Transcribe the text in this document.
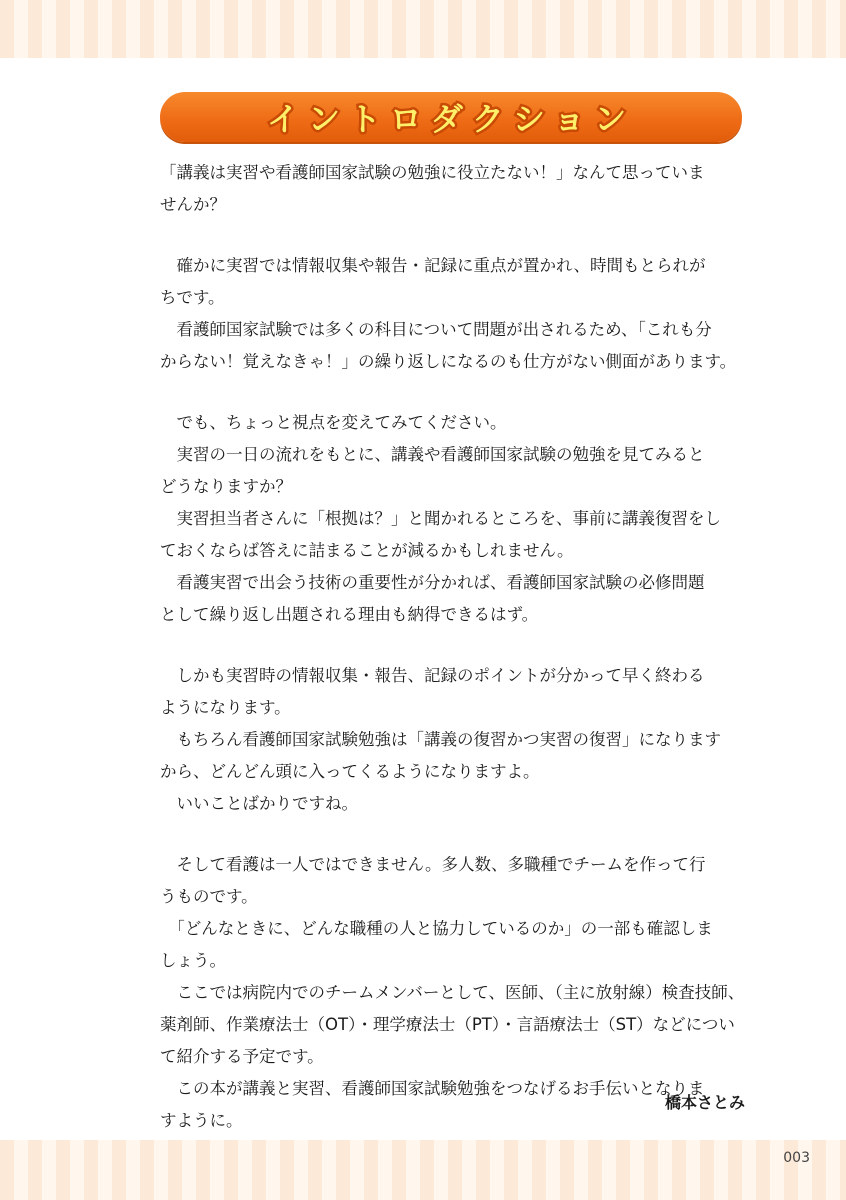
イントロダクション
「講義は実習や看護師国家試験の勉強に役立たない！」なんて思っていま
せんか？
　確かに実習では情報収集や報告・記録に重点が置かれ、時間もとられが
ちです。
　看護師国家試験では多くの科目について問題が出されるため、「これも分
からない！覚えなきゃ！」の繰り返しになるのも仕方がない側面があります。
　でも、ちょっと視点を変えてみてください。
　実習の一日の流れをもとに、講義や看護師国家試験の勉強を見てみると
どうなりますか？
　実習担当者さんに「根拠は？」と聞かれるところを、事前に講義復習をし
ておくならば答えに詰まることが減るかもしれません。
　看護実習で出会う技術の重要性が分かれば、看護師国家試験の必修問題
として繰り返し出題される理由も納得できるはず。
　しかも実習時の情報収集・報告、記録のポイントが分かって早く終わる
ようになります。
　もちろん看護師国家試験勉強は「講義の復習かつ実習の復習」になります
から、どんどん頭に入ってくるようになりますよ。
　いいことばかりですね。
　そして看護は一人ではできません。多人数、多職種でチームを作って行
うものです。
　「どんなときに、どんな職種の人と協力しているのか」の一部も確認しま
しょう。
　ここでは病院内でのチームメンバーとして、医師、（主に放射線）検査技師、
薬剤師、作業療法士（OT）・理学療法士（PT）・言語療法士（ST）などについ
て紹介する予定です。
　この本が講義と実習、看護師国家試験勉強をつなげるお手伝いとなりま
すように。
橋本さとみ
003
